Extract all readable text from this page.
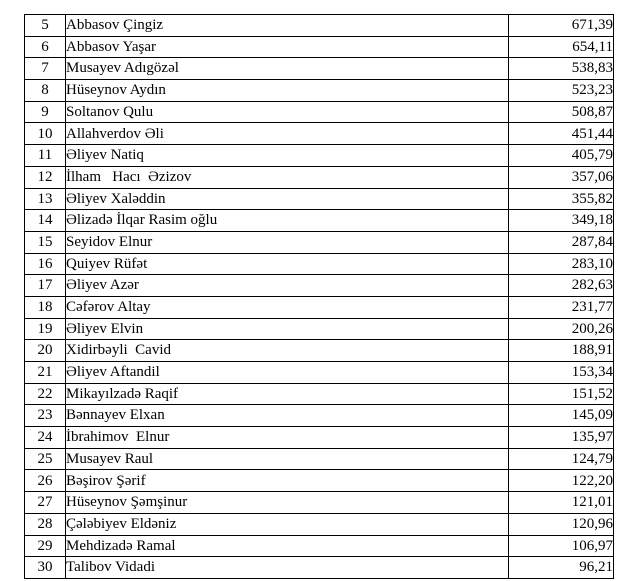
5	Abbasov Çingiz	671,39
6	Abbasov Yaşar	654,11
7	Musayev Adıgözəl	538,83
8	Hüseynov Aydın	523,23
9	Soltanov Qulu	508,87
10	Allahverdov Əli	451,44
11	Əliyev Natiq	405,79
12	İlham   Hacı  Əzizov	357,06
13	Əliyev Xaləddin	355,82
14	Əlizadə İlqar Rasim oğlu	349,18
15	Seyidov Elnur	287,84
16	Quiyev Rüfət	283,10
17	Əliyev Azər	282,63
18	Cəfərov Altay	231,77
19	Əliyev Elvin	200,26
20	Xidirbəyli  Cavid	188,91
21	Əliyev Aftandil	153,34
22	Mikayılzadə Raqif	151,52
23	Bənnayev Elxan	145,09
24	İbrahimov  Elnur	135,97
25	Musayev Raul	124,79
26	Bəşirov Şərif	122,20
27	Hüseynov Şəmşinur	121,01
28	Çələbiyev Eldəniz	120,96
29	Mehdizadə Ramal	106,97
30	Talibov Vidadi	96,21
